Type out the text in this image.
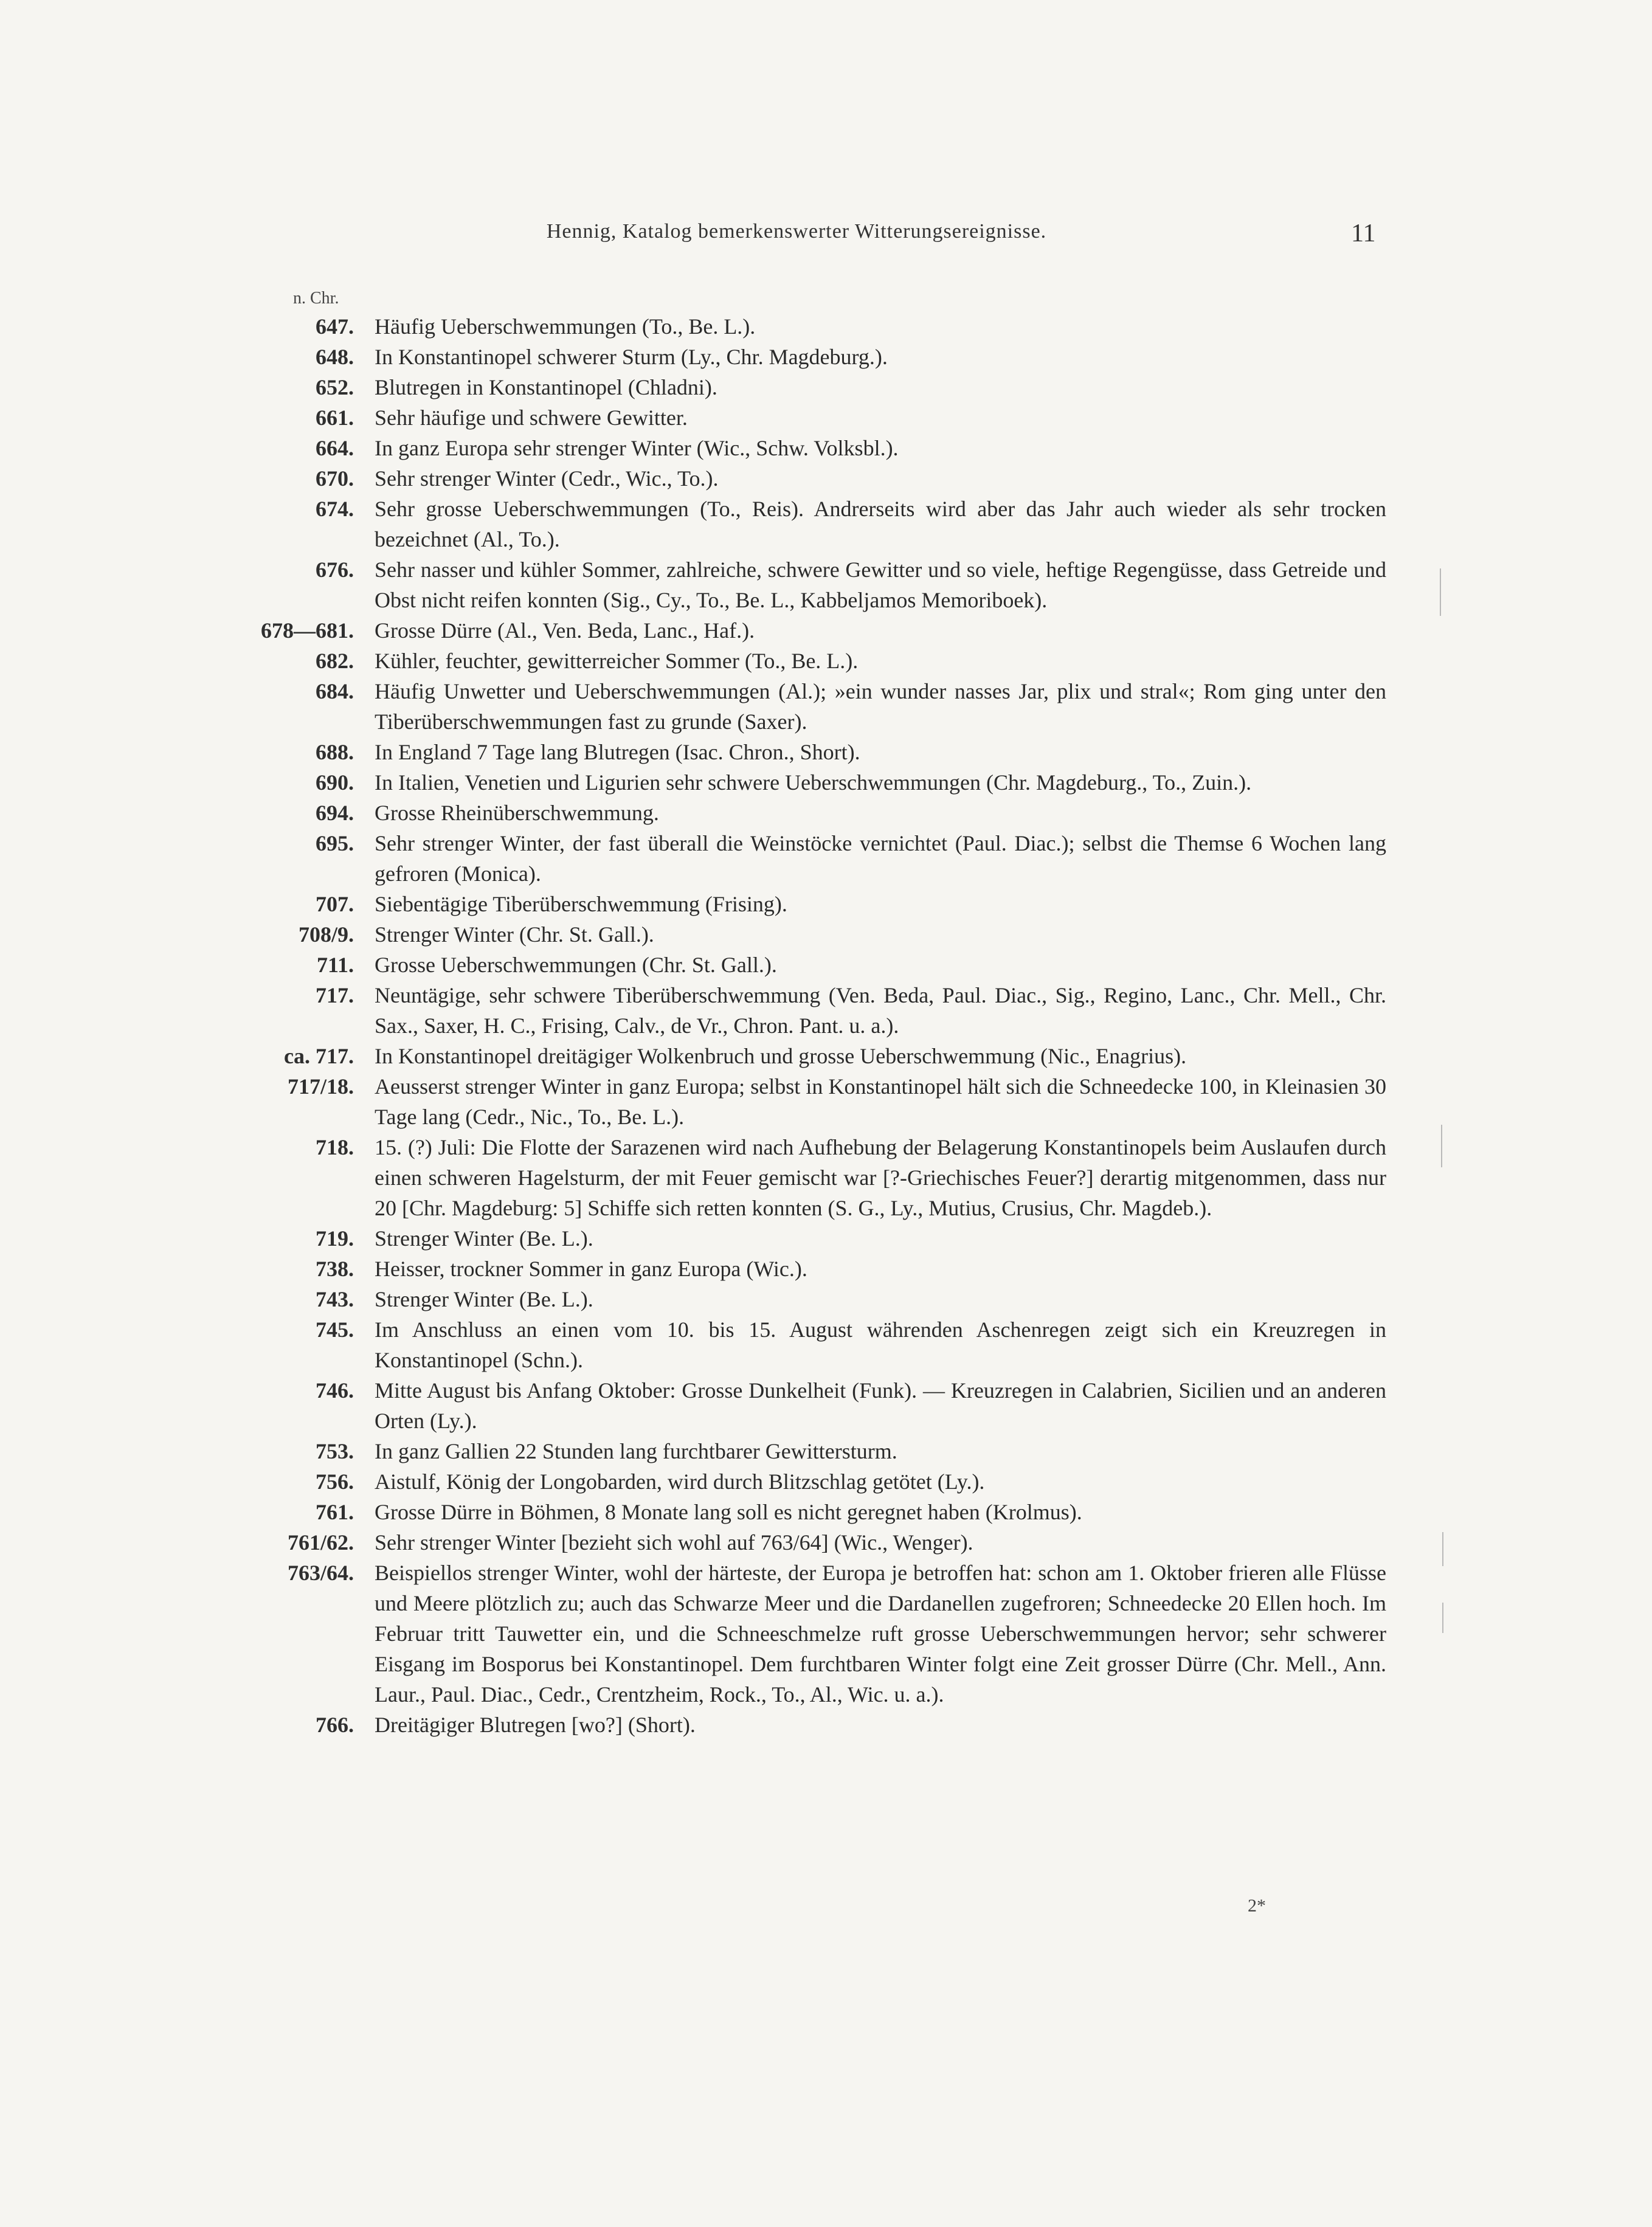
Hennig, Katalog bemerkenswerter Witterungsereignisse.	11
n. Chr.
647. Häufig Ueberschwemmungen (To., Be. L.).
648. In Konstantinopel schwerer Sturm (Ly., Chr. Magdeburg.).
652. Blutregen in Konstantinopel (Chladni).
661. Sehr häufige und schwere Gewitter.
664. In ganz Europa sehr strenger Winter (Wic., Schw. Volksbl.).
670. Sehr strenger Winter (Cedr., Wic., To.).
674. Sehr grosse Ueberschwemmungen (To., Reis). Andrerseits wird aber das Jahr auch wieder als sehr trocken bezeichnet (Al., To.).
676. Sehr nasser und kühler Sommer, zahlreiche, schwere Gewitter und so viele, heftige Regengüsse, dass Getreide und Obst nicht reifen konnten (Sig., Cy., To., Be. L., Kabbeljamos Memoriboek).
678—681. Grosse Dürre (Al., Ven. Beda, Lanc., Haf.).
682. Kühler, feuchter, gewitterreicher Sommer (To., Be. L.).
684. Häufig Unwetter und Ueberschwemmungen (Al.); »ein wunder nasses Jar, plix und stral«; Rom ging unter den Tiberüberschwemmungen fast zu grunde (Saxer).
688. In England 7 Tage lang Blutregen (Isac. Chron., Short).
690. In Italien, Venetien und Ligurien sehr schwere Ueberschwemmungen (Chr. Magdeburg., To., Zuin.).
694. Grosse Rheinüberschwemmung.
695. Sehr strenger Winter, der fast überall die Weinstöcke vernichtet (Paul. Diac.); selbst die Themse 6 Wochen lang gefroren (Monica).
707. Siebentägige Tiberüberschwemmung (Frising).
708/9. Strenger Winter (Chr. St. Gall.).
711. Grosse Ueberschwemmungen (Chr. St. Gall.).
717. Neuntägige, sehr schwere Tiberüberschwemmung (Ven. Beda, Paul. Diac., Sig., Regino, Lanc., Chr. Mell., Chr. Sax., Saxer, H. C., Frising, Calv., de Vr., Chron. Pant. u. a.).
ca. 717. In Konstantinopel dreitägiger Wolkenbruch und grosse Ueberschwemmung (Nic., Enagrius).
717/18. Aeusserst strenger Winter in ganz Europa; selbst in Konstantinopel hält sich die Schneedecke 100, in Kleinasien 30 Tage lang (Cedr., Nic., To., Be. L.).
718. 15. (?) Juli: Die Flotte der Sarazenen wird nach Aufhebung der Belagerung Konstantinopels beim Auslaufen durch einen schweren Hagelsturm, der mit Feuer gemischt war [?-Griechisches Feuer?] derartig mitgenommen, dass nur 20 [Chr. Magdeburg: 5] Schiffe sich retten konnten (S. G., Ly., Mutius, Crusius, Chr. Magdeb.).
719. Strenger Winter (Be. L.).
738. Heisser, trockner Sommer in ganz Europa (Wic.).
743. Strenger Winter (Be. L.).
745. Im Anschluss an einen vom 10. bis 15. August währenden Aschenregen zeigt sich ein Kreuzregen in Konstantinopel (Schn.).
746. Mitte August bis Anfang Oktober: Grosse Dunkelheit (Funk). — Kreuzregen in Calabrien, Sicilien und an anderen Orten (Ly.).
753. In ganz Gallien 22 Stunden lang furchtbarer Gewittersturm.
756. Aistulf, König der Longobarden, wird durch Blitzschlag getötet (Ly.).
761. Grosse Dürre in Böhmen, 8 Monate lang soll es nicht geregnet haben (Krolmus).
761/62. Sehr strenger Winter [bezieht sich wohl auf 763/64] (Wic., Wenger).
763/64. Beispiellos strenger Winter, wohl der härteste, der Europa je betroffen hat: schon am 1. Oktober frieren alle Flüsse und Meere plötzlich zu; auch das Schwarze Meer und die Dardanellen zugefroren; Schneedecke 20 Ellen hoch. Im Februar tritt Tauwetter ein, und die Schneeschmelze ruft grosse Ueberschwemmungen hervor; sehr schwerer Eisgang im Bosporus bei Konstantinopel. Dem furchtbaren Winter folgt eine Zeit grosser Dürre (Chr. Mell., Ann. Laur., Paul. Diac., Cedr., Crentzheim, Rock., To., Al., Wic. u. a.).
766. Dreitägiger Blutregen [wo?] (Short).
2*
